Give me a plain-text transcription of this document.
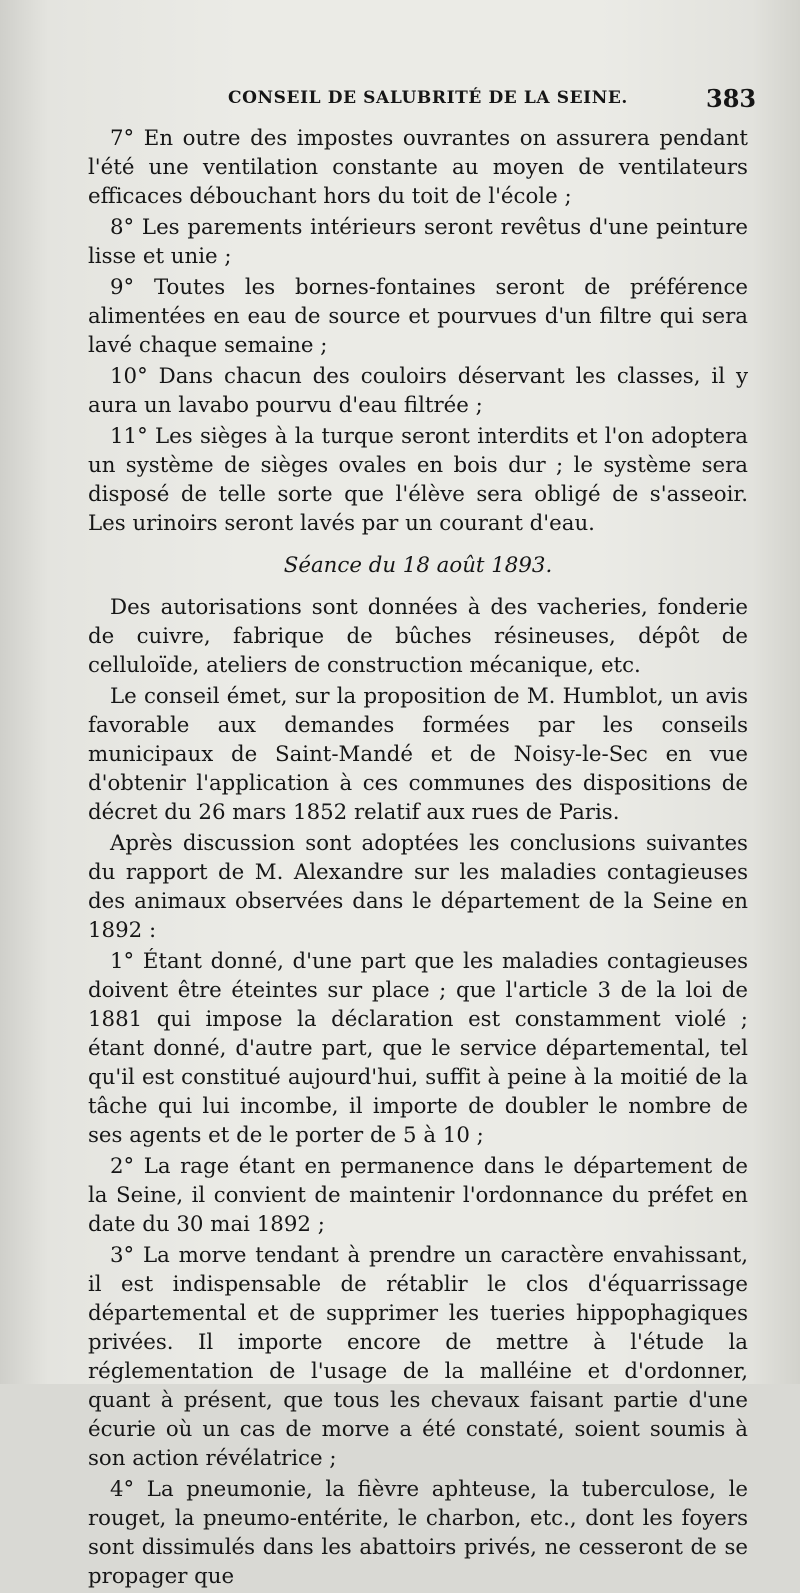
CONSEIL DE SALUBRITÉ DE LA SEINE.	383

7° En outre des impostes ouvrantes on assurera pendant l'été une ventilation constante au moyen de ventilateurs efficaces débouchant hors du toit de l'école ;

8° Les parements intérieurs seront revêtus d'une peinture lisse et unie ;

9° Toutes les bornes-fontaines seront de préférence alimentées en eau de source et pourvues d'un filtre qui sera lavé chaque semaine ;

10° Dans chacun des couloirs déservant les classes, il y aura un lavabo pourvu d'eau filtrée ;

11° Les sièges à la turque seront interdits et l'on adoptera un système de sièges ovales en bois dur ; le système sera disposé de telle sorte que l'élève sera obligé de s'asseoir. Les urinoirs seront lavés par un courant d'eau.

Séance du 18 août 1893.

Des autorisations sont données à des vacheries, fonderie de cuivre, fabrique de bûches résineuses, dépôt de celluloïde, ateliers de construction mécanique, etc.

Le conseil émet, sur la proposition de M. Humblot, un avis favorable aux demandes formées par les conseils municipaux de Saint-Mandé et de Noisy-le-Sec en vue d'obtenir l'application à ces communes des dispositions de décret du 26 mars 1852 relatif aux rues de Paris.

Après discussion sont adoptées les conclusions suivantes du rapport de M. Alexandre sur les maladies contagieuses des animaux observées dans le département de la Seine en 1892 :

1° Étant donné, d'une part que les maladies contagieuses doivent être éteintes sur place ; que l'article 3 de la loi de 1881 qui impose la déclaration est constamment violé ; étant donné, d'autre part, que le service départemental, tel qu'il est constitué aujourd'hui, suffit à peine à la moitié de la tâche qui lui incombe, il importe de doubler le nombre de ses agents et de le porter de 5 à 10 ;

2° La rage étant en permanence dans le département de la Seine, il convient de maintenir l'ordonnance du préfet en date du 30 mai 1892 ;

3° La morve tendant à prendre un caractère envahissant, il est indispensable de rétablir le clos d'équarrissage départemental et de supprimer les tueries hippophagiques privées. Il importe encore de mettre à l'étude la réglementation de l'usage de la malléine et d'ordonner, quant à présent, que tous les chevaux faisant partie d'une écurie où un cas de morve a été constaté, soient soumis à son action révélatrice ;

4° La pneumonie, la fièvre aphteuse, la tuberculose, le rouget, la pneumo-entérite, le charbon, etc., dont les foyers sont dissimulés dans les abattoirs privés, ne cesseront de se propager que
